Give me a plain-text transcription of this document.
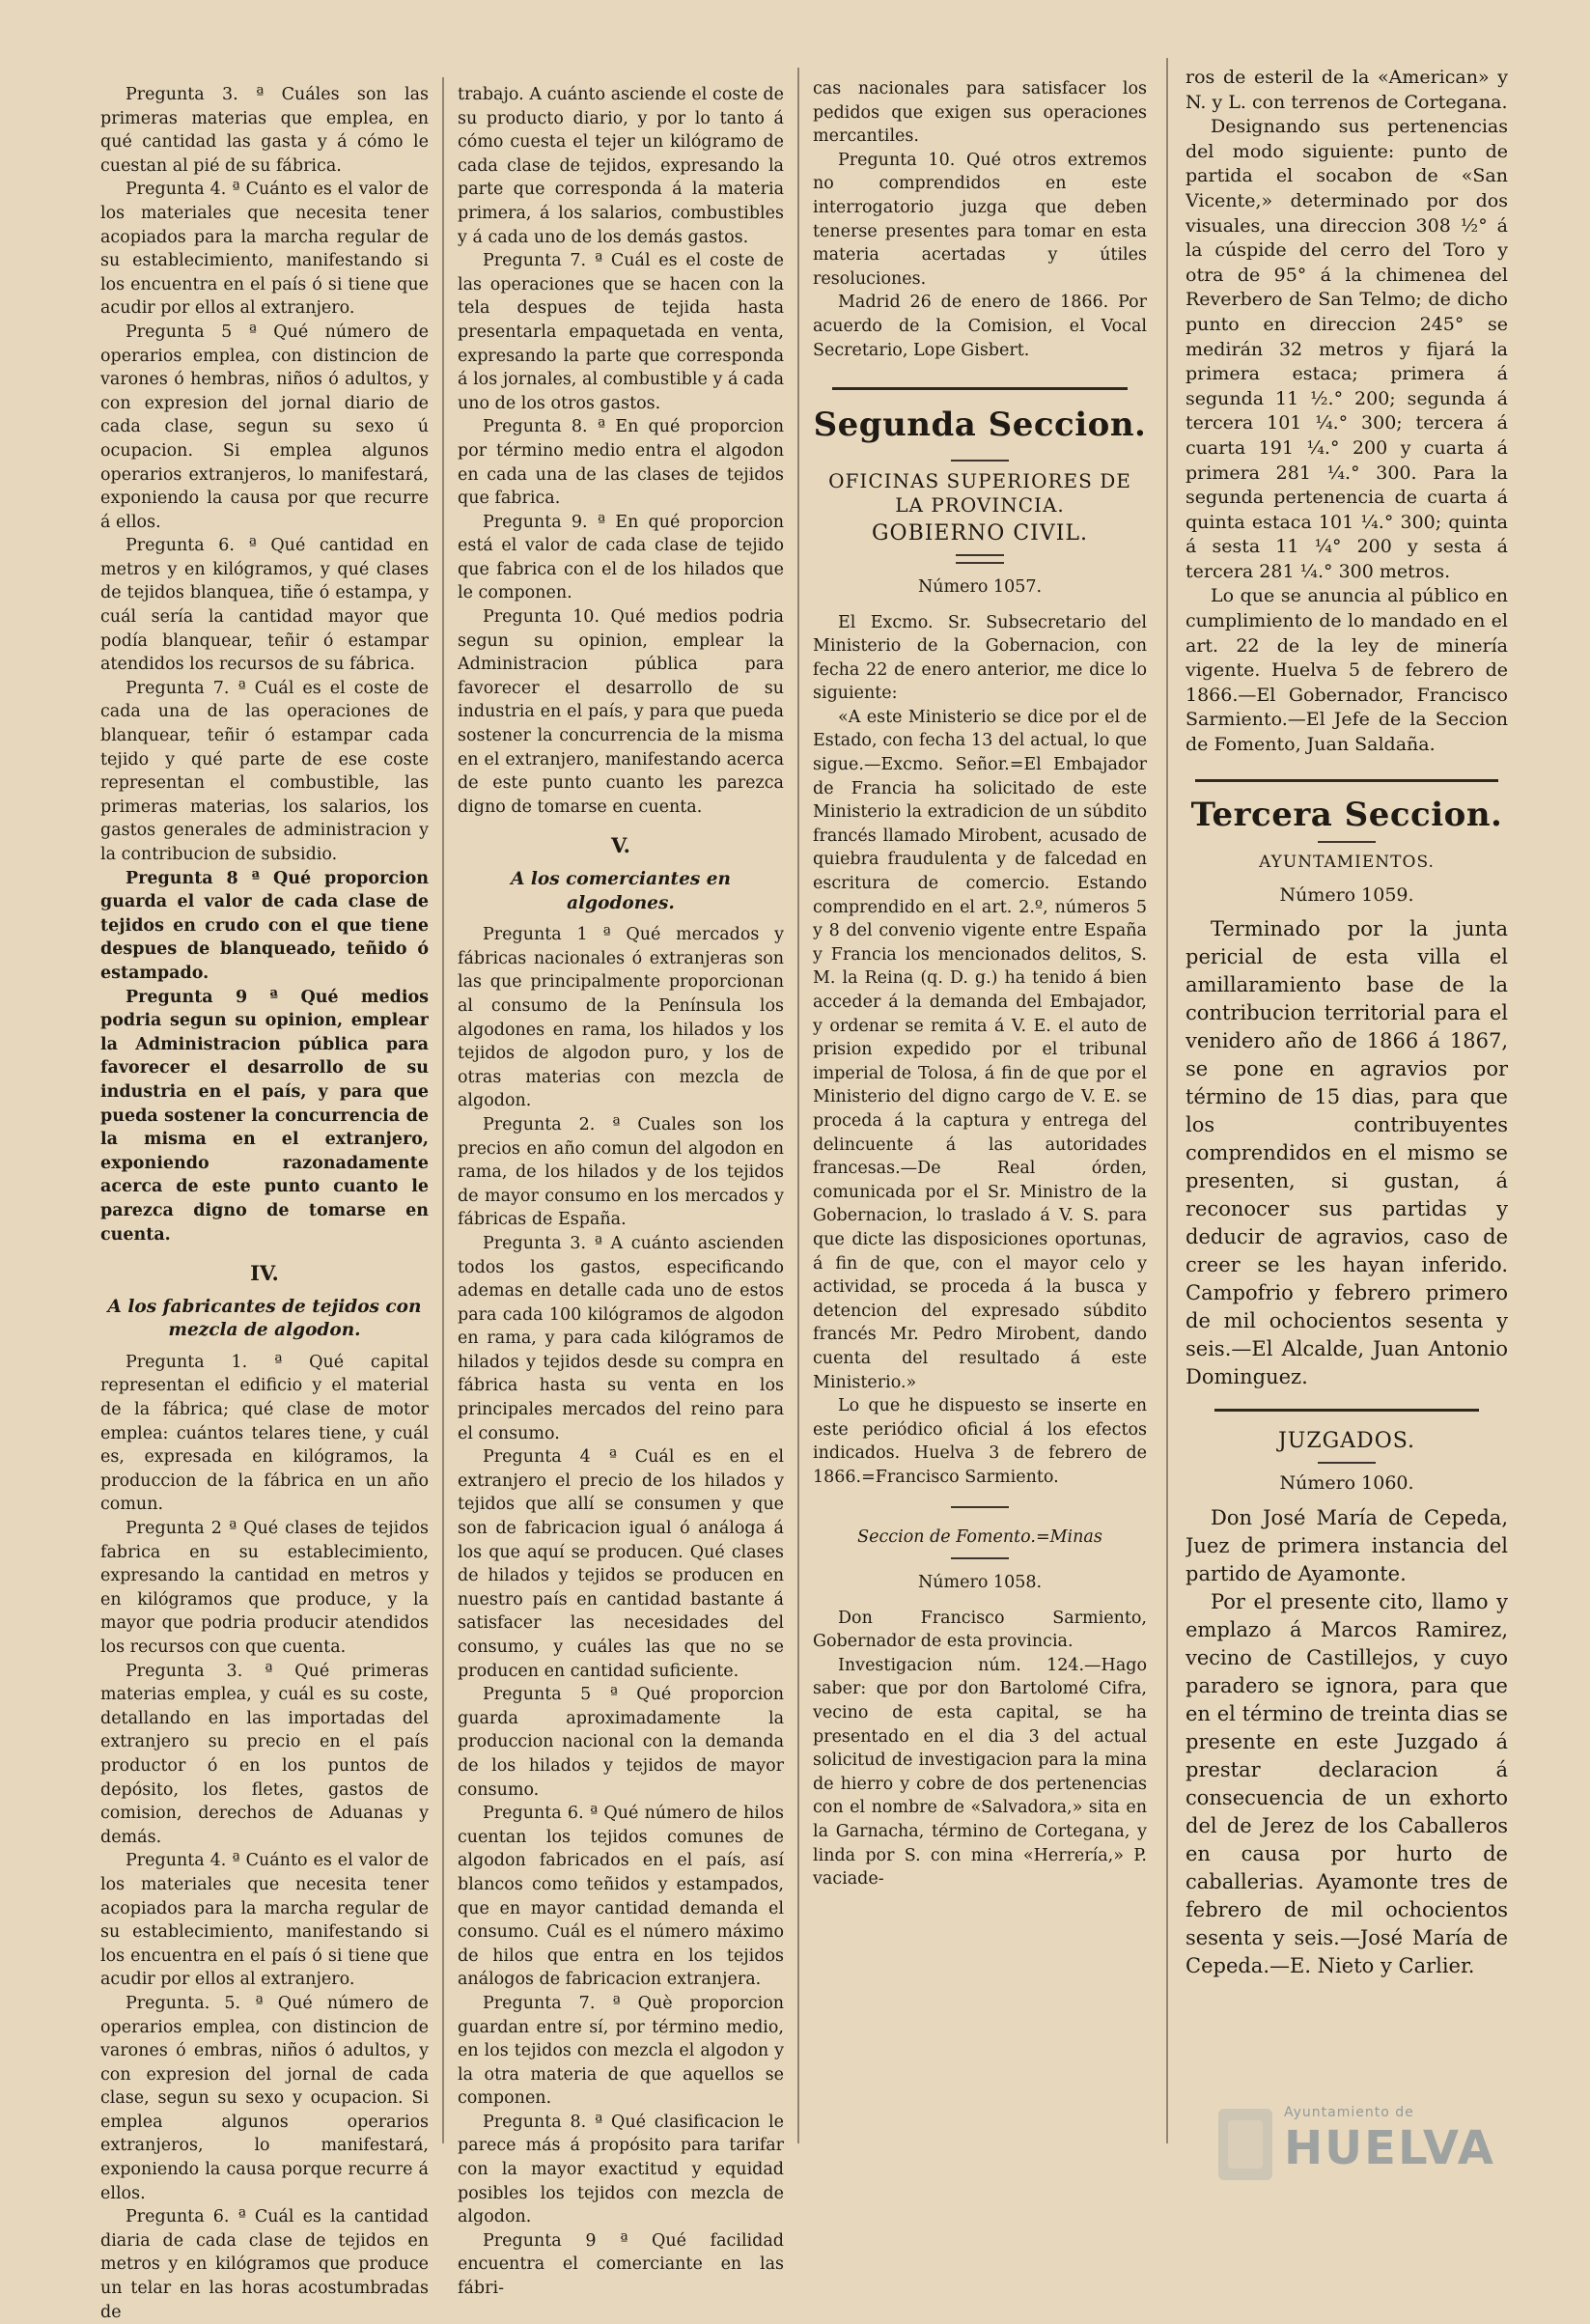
Pregunta 3. ª Cuáles son las primeras materias que emplea, en qué cantidad las gasta y á cómo le cuestan al pié de su fábrica.

Pregunta 4. ª Cuánto es el valor de los materiales que necesita tener acopiados para la marcha regular de su establecimiento, manifestando si los encuentra en el país ó si tiene que acudir por ellos al extranjero.

Pregunta 5 ª Qué número de operarios emplea, con distincion de varones ó hembras, niños ó adultos, y con expresion del jornal diario de cada clase, segun su sexo ú ocupacion. Si emplea algunos operarios extranjeros, lo manifestará, exponiendo la causa por que recurre á ellos.

Pregunta 6. ª Qué cantidad en metros y en kilógramos, y qué clases de tejidos blanquea, tiñe ó estampa, y cuál sería la cantidad mayor que podía blanquear, teñir ó estampar atendidos los recursos de su fábrica.

Pregunta 7. ª Cuál es el coste de cada una de las operaciones de blanquear, teñir ó estampar cada tejido y qué parte de ese coste representan el combustible, las primeras materias, los salarios, los gastos generales de administracion y la contribucion de subsidio.

Pregunta 8 ª Qué proporcion guarda el valor de cada clase de tejidos en crudo con el que tiene despues de blanqueado, teñido ó estampado.

Pregunta 9 ª Qué medios podria segun su opinion, emplear la Administracion pública para favorecer el desarrollo de su industria en el país, y para que pueda sostener la concurrencia de la misma en el extranjero, exponiendo razonadamente acerca de este punto cuanto le parezca digno de tomarse en cuenta.

IV.

A los fabricantes de tejidos con mezcla de algodon.

Pregunta 1. ª Qué capital representan el edificio y el material de la fábrica; qué clase de motor emplea: cuántos telares tiene, y cuál es, expresada en kilógramos, la produccion de la fábrica en un año comun.

Pregunta 2 ª Qué clases de tejidos fabrica en su establecimiento, expresando la cantidad en metros y en kilógramos que produce, y la mayor que podria producir atendidos los recursos con que cuenta.

Pregunta 3. ª Qué primeras materias emplea, y cuál es su coste, detallando en las importadas del extranjero su precio en el país productor ó en los puntos de depósito, los fletes, gastos de comision, derechos de Aduanas y demás.

Pregunta 4. ª Cuánto es el valor de los materiales que necesita tener acopiados para la marcha regular de su establecimiento, manifestando si los encuentra en el país ó si tiene que acudir por ellos al extranjero.

Pregunta. 5. ª Qué número de operarios emplea, con distincion de varones ó embras, niños ó adultos, y con expresion del jornal de cada clase, segun su sexo y ocupacion. Si emplea algunos operarios extranjeros, lo manifestará, exponiendo la causa porque recurre á ellos.

Pregunta 6. ª Cuál es la cantidad diaria de cada clase de tejidos en metros y en kilógramos que produce un telar en las horas acostumbradas de

trabajo. A cuánto asciende el coste de su producto diario, y por lo tanto á cómo cuesta el tejer un kilógramo de cada clase de tejidos, expresando la parte que corresponda á la materia primera, á los salarios, combustibles y á cada uno de los demás gastos.

Pregunta 7. ª Cuál es el coste de las operaciones que se hacen con la tela despues de tejida hasta presentarla empaquetada en venta, expresando la parte que corresponda á los jornales, al combustible y á cada uno de los otros gastos.

Pregunta 8. ª En qué proporcion por término medio entra el algodon en cada una de las clases de tejidos que fabrica.

Pregunta 9. ª En qué proporcion está el valor de cada clase de tejido que fabrica con el de los hilados que le componen.

Pregunta 10. Qué medios podria segun su opinion, emplear la Administracion pública para favorecer el desarrollo de su industria en el país, y para que pueda sostener la concurrencia de la misma en el extranjero, manifestando acerca de este punto cuanto les parezca digno de tomarse en cuenta.

V.

A los comerciantes en algodones.

Pregunta 1 ª Qué mercados y fábricas nacionales ó extranjeras son las que principalmente proporcionan al consumo de la Península los algodones en rama, los hilados y los tejidos de algodon puro, y los de otras materias con mezcla de algodon.

Pregunta 2. ª Cuales son los precios en año comun del algodon en rama, de los hilados y de los tejidos de mayor consumo en los mercados y fábricas de España.

Pregunta 3. ª A cuánto ascienden todos los gastos, especificando ademas en detalle cada uno de estos para cada 100 kilógramos de algodon en rama, y para cada kilógramos de hilados y tejidos desde su compra en fábrica hasta su venta en los principales mercados del reino para el consumo.

Pregunta 4 ª Cuál es en el extranjero el precio de los hilados y tejidos que allí se consumen y que son de fabricacion igual ó análoga á los que aquí se producen. Qué clases de hilados y tejidos se producen en nuestro país en cantidad bastante á satisfacer las necesidades del consumo, y cuáles las que no se producen en cantidad suficiente.

Pregunta 5 ª Qué proporcion guarda aproximadamente la produccion nacional con la demanda de los hilados y tejidos de mayor consumo.

Pregunta 6. ª Qué número de hilos cuentan los tejidos comunes de algodon fabricados en el país, así blancos como teñidos y estampados, que en mayor cantidad demanda el consumo. Cuál es el número máximo de hilos que entra en los tejidos análogos de fabricacion extranjera.

Pregunta 7. ª Què proporcion guardan entre sí, por término medio, en los tejidos con mezcla el algodon y la otra materia de que aquellos se componen.

Pregunta 8. ª Qué clasificacion le parece más á propósito para tarifar con la mayor exactitud y equidad posibles los tejidos con mezcla de algodon.

Pregunta 9 ª Qué facilidad encuentra el comerciante en las fábri-

cas nacionales para satisfacer los pedidos que exigen sus operaciones mercantiles.

Pregunta 10. Qué otros extremos no comprendidos en este interrogatorio juzga que deben tenerse presentes para tomar en esta materia acertadas y útiles resoluciones.

Madrid 26 de enero de 1866. Por acuerdo de la Comision, el Vocal Secretario, Lope Gisbert.

Segunda Seccion.

OFICINAS SUPERIORES DE LA PROVINCIA.

GOBIERNO CIVIL.

Número 1057.

El Excmo. Sr. Subsecretario del Ministerio de la Gobernacion, con fecha 22 de enero anterior, me dice lo siguiente:

«A este Ministerio se dice por el de Estado, con fecha 13 del actual, lo que sigue.—Excmo. Señor.=El Embajador de Francia ha solicitado de este Ministerio la extradicion de un súbdito francés llamado Mirobent, acusado de quiebra fraudulenta y de falcedad en escritura de comercio. Estando comprendido en el art. 2.º, números 5 y 8 del convenio vigente entre España y Francia los mencionados delitos, S. M. la Reina (q. D. g.) ha tenido á bien acceder á la demanda del Embajador, y ordenar se remita á V. E. el auto de prision expedido por el tribunal imperial de Tolosa, á fin de que por el Ministerio del digno cargo de V. E. se proceda á la captura y entrega del delincuente á las autoridades francesas.—De Real órden, comunicada por el Sr. Ministro de la Gobernacion, lo traslado á V. S. para que dicte las disposiciones oportunas, á fin de que, con el mayor celo y actividad, se proceda á la busca y detencion del expresado súbdito francés Mr. Pedro Mirobent, dando cuenta del resultado á este Ministerio.»

Lo que he dispuesto se inserte en este periódico oficial á los efectos indicados. Huelva 3 de febrero de 1866.=Francisco Sarmiento.

Seccion de Fomento.=Minas

Número 1058.

Don Francisco Sarmiento, Gobernador de esta provincia.

Investigacion núm. 124.—Hago saber: que por don Bartolomé Cifra, vecino de esta capital, se ha presentado en el dia 3 del actual solicitud de investigacion para la mina de hierro y cobre de dos pertenencias con el nombre de «Salvadora,» sita en la Garnacha, término de Cortegana, y linda por S. con mina «Herrería,» P. vaciade-

ros de esteril de la «American» y N. y L. con terrenos de Cortegana.

Designando sus pertenencias del modo siguiente: punto de partida el socabon de «San Vicente,» determinado por dos visuales, una direccion 308 ½° á la cúspide del cerro del Toro y otra de 95° á la chimenea del Reverbero de San Telmo; de dicho punto en direccion 245° se medirán 32 metros y fijará la primera estaca; primera á segunda 11 ½.° 200; segunda á tercera 101 ¼.° 300; tercera á cuarta 191 ¼.° 200 y cuarta á primera 281 ¼.° 300. Para la segunda pertenencia de cuarta á quinta estaca 101 ¼.° 300; quinta á sesta 11 ¼° 200 y sesta á tercera 281 ¼.° 300 metros.

Lo que se anuncia al público en cumplimiento de lo mandado en el art. 22 de la ley de minería vigente. Huelva 5 de febrero de 1866.—El Gobernador, Francisco Sarmiento.—El Jefe de la Seccion de Fomento, Juan Saldaña.

Tercera Seccion.

AYUNTAMIENTOS.

Número 1059.

Terminado por la junta pericial de esta villa el amillaramiento base de la contribucion territorial para el venidero año de 1866 á 1867, se pone en agravios por término de 15 dias, para que los contribuyentes comprendidos en el mismo se presenten, si gustan, á reconocer sus partidas y deducir de agravios, caso de creer se les hayan inferido. Campofrio y febrero primero de mil ochocientos sesenta y seis.—El Alcalde, Juan Antonio Dominguez.

JUZGADOS.

Número 1060.

Don José María de Cepeda, Juez de primera instancia del partido de Ayamonte.

Por el presente cito, llamo y emplazo á Marcos Ramirez, vecino de Castillejos, y cuyo paradero se ignora, para que en el término de treinta dias se presente en este Juzgado á prestar declaracion á consecuencia de un exhorto del de Jerez de los Caballeros en causa por hurto de caballerias. Ayamonte tres de febrero de mil ochocientos sesenta y seis.—José María de Cepeda.—E. Nieto y Carlier.

Ayuntamiento de
HUELVA
